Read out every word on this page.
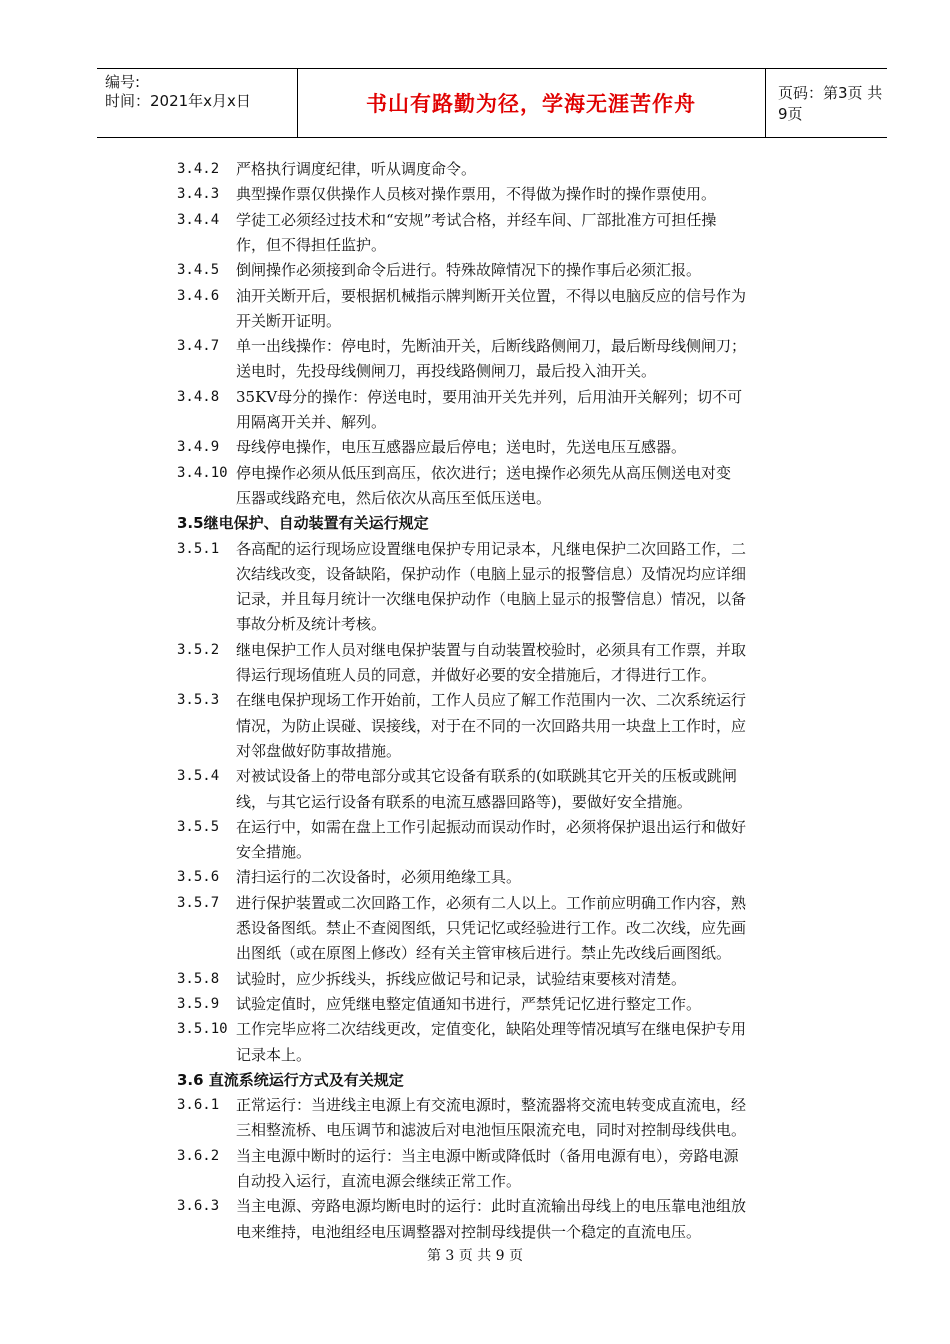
编号:
时间：2021年x月x日	书山有路勤为径，学海无涯苦作舟	页码：第3页 共9页
3.4.2 严格执行调度纪律，听从调度命令。
3.4.3 典型操作票仅供操作人员核对操作票用，不得做为操作时的操作票使用。
3.4.4 学徒工必须经过技术和“安规”考试合格，并经车间、厂部批准方可担任操
作，但不得担任监护。
3.4.5 倒闸操作必须接到命令后进行。特殊故障情况下的操作事后必须汇报。
3.4.6 油开关断开后，要根据机械指示牌判断开关位置，不得以电脑反应的信号作为
开关断开证明。
3.4.7 单一出线操作：停电时，先断油开关，后断线路侧闸刀，最后断母线侧闸刀；
送电时，先投母线侧闸刀，再投线路侧闸刀，最后投入油开关。
3.4.8 35KV母分的操作：停送电时，要用油开关先并列，后用油开关解列；切不可
用隔离开关并、解列。
3.4.9 母线停电操作，电压互感器应最后停电；送电时，先送电压互感器。
3.4.10 停电操作必须从低压到高压，依次进行；送电操作必须先从高压侧送电对变
压器或线路充电，然后依次从高压至低压送电。
3.5继电保护、自动装置有关运行规定
3.5.1 各高配的运行现场应设置继电保护专用记录本，凡继电保护二次回路工作，二
次结线改变，设备缺陷，保护动作（电脑上显示的报警信息）及情况均应详细
记录，并且每月统计一次继电保护动作（电脑上显示的报警信息）情况，以备
事故分析及统计考核。
3.5.2 继电保护工作人员对继电保护装置与自动装置校验时，必须具有工作票，并取
得运行现场值班人员的同意，并做好必要的安全措施后，才得进行工作。
3.5.3 在继电保护现场工作开始前，工作人员应了解工作范围内一次、二次系统运行
情况，为防止误碰、误接线，对于在不同的一次回路共用一块盘上工作时，应
对邻盘做好防事故措施。
3.5.4 对被试设备上的带电部分或其它设备有联系的(如联跳其它开关的压板或跳闸
线，与其它运行设备有联系的电流互感器回路等)，要做好安全措施。
3.5.5 在运行中，如需在盘上工作引起振动而误动作时，必须将保护退出运行和做好
安全措施。
3.5.6 清扫运行的二次设备时，必须用绝缘工具。
3.5.7 进行保护装置或二次回路工作，必须有二人以上。工作前应明确工作内容，熟
悉设备图纸。禁止不查阅图纸，只凭记忆或经验进行工作。改二次线，应先画
出图纸（或在原图上修改）经有关主管审核后进行。禁止先改线后画图纸。
3.5.8 试验时，应少拆线头，拆线应做记号和记录，试验结束要核对清楚。
3.5.9 试验定值时，应凭继电整定值通知书进行，严禁凭记忆进行整定工作。
3.5.10 工作完毕应将二次结线更改，定值变化，缺陷处理等情况填写在继电保护专用
记录本上。
3.6 直流系统运行方式及有关规定
3.6.1 正常运行：当进线主电源上有交流电源时，整流器将交流电转变成直流电，经
三相整流桥、电压调节和滤波后对电池恒压限流充电，同时对控制母线供电。
3.6.2 当主电源中断时的运行：当主电源中断或降低时（备用电源有电），旁路电源
自动投入运行，直流电源会继续正常工作。
3.6.3 当主电源、旁路电源均断电时的运行：此时直流输出母线上的电压靠电池组放
电来维持，电池组经电压调整器对控制母线提供一个稳定的直流电压。
第 3 页 共 9 页
